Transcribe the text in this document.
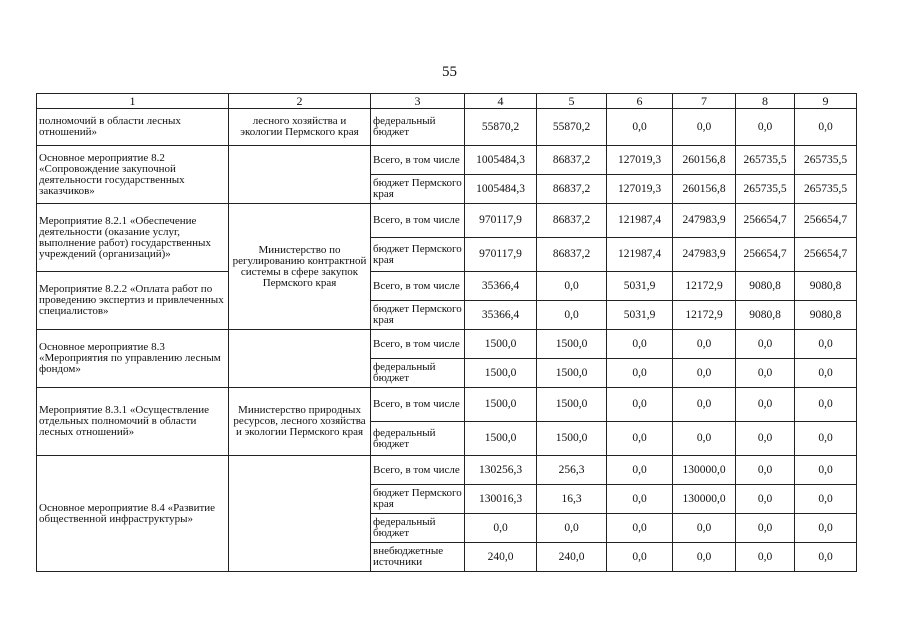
55
1	2	3	4	5	6	7	8	9
полномочий в области лесных отношений»	лесного хозяйства и экологии Пермского края	федеральный бюджет	55870,2	55870,2	0,0	0,0	0,0	0,0
Основное мероприятие 8.2 «Сопровождение закупочной деятельности государственных заказчиков»		Всего, в том числе	1005484,3	86837,2	127019,3	260156,8	265735,5	265735,5
		бюджет Пермского края	1005484,3	86837,2	127019,3	260156,8	265735,5	265735,5
Мероприятие 8.2.1 «Обеспечение деятельности (оказание услуг, выполнение работ) государственных учреждений (организаций)»	Министерство по регулированию контрактной системы в сфере закупок Пермского края	Всего, в том числе	970117,9	86837,2	121987,4	247983,9	256654,7	256654,7
		бюджет Пермского края	970117,9	86837,2	121987,4	247983,9	256654,7	256654,7
Мероприятие 8.2.2 «Оплата работ по проведению экспертиз и привлеченных специалистов»		Всего, в том числе	35366,4	0,0	5031,9	12172,9	9080,8	9080,8
		бюджет Пермского края	35366,4	0,0	5031,9	12172,9	9080,8	9080,8
Основное мероприятие 8.3 «Мероприятия по управлению лесным фондом»		Всего, в том числе	1500,0	1500,0	0,0	0,0	0,0	0,0
		федеральный бюджет	1500,0	1500,0	0,0	0,0	0,0	0,0
Мероприятие 8.3.1 «Осуществление отдельных полномочий в области лесных отношений»	Министерство природных ресурсов, лесного хозяйства и экологии Пермского края	Всего, в том числе	1500,0	1500,0	0,0	0,0	0,0	0,0
		федеральный бюджет	1500,0	1500,0	0,0	0,0	0,0	0,0
Основное мероприятие 8.4 «Развитие общественной инфраструктуры»		Всего, в том числе	130256,3	256,3	0,0	130000,0	0,0	0,0
		бюджет Пермского края	130016,3	16,3	0,0	130000,0	0,0	0,0
		федеральный бюджет	0,0	0,0	0,0	0,0	0,0	0,0
		внебюджетные источники	240,0	240,0	0,0	0,0	0,0	0,0
